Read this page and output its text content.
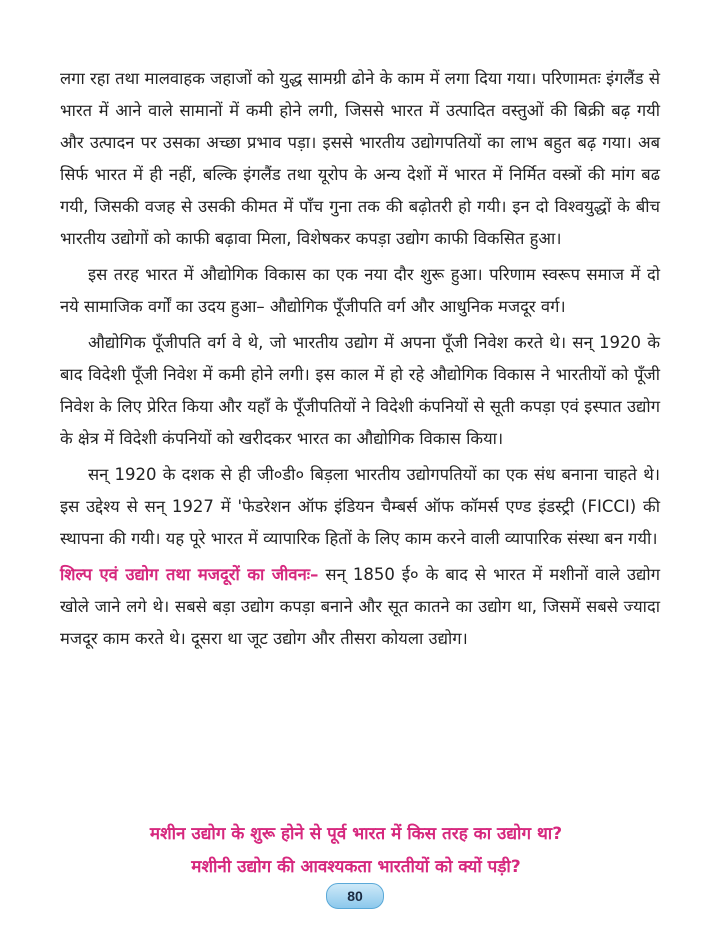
लगा रहा तथा मालवाहक जहाजों को युद्ध सामग्री ढोने के काम में लगा दिया गया। परिणामतः इंगलैंड से भारत में आने वाले सामानों में कमी होने लगी, जिससे भारत में उत्पादित वस्तुओं की बिक्री बढ़ गयी और उत्पादन पर उसका अच्छा प्रभाव पड़ा। इससे भारतीय उद्योगपतियों का लाभ बहुत बढ़ गया। अब सिर्फ भारत में ही नहीं, बल्कि इंगलैंड तथा यूरोप के अन्य देशों में भारत में निर्मित वस्त्रों की मांग बढ गयी, जिसकी वजह से उसकी कीमत में पाँच गुना तक की बढ़ोतरी हो गयी। इन दो विश्वयुद्धों के बीच भारतीय उद्योगों को काफी बढ़ावा मिला, विशेषकर कपड़ा उद्योग काफी विकसित हुआ।

इस तरह भारत में औद्योगिक विकास का एक नया दौर शुरू हुआ। परिणाम स्वरूप समाज में दो नये सामाजिक वर्गों का उदय हुआ– औद्योगिक पूँजीपति वर्ग और आधुनिक मजदूर वर्ग।

औद्योगिक पूँजीपति वर्ग वे थे, जो भारतीय उद्योग में अपना पूँजी निवेश करते थे। सन् 1920 के बाद विदेशी पूँजी निवेश में कमी होने लगी। इस काल में हो रहे औद्योगिक विकास ने भारतीयों को पूँजी निवेश के लिए प्रेरित किया और यहाँ के पूँजीपतियों ने विदेशी कंपनियों से सूती कपड़ा एवं इस्पात उद्योग के क्षेत्र में विदेशी कंपनियों को खरीदकर भारत का औद्योगिक विकास किया।

सन् 1920 के दशक से ही जी०डी० बिड़ला भारतीय उद्योगपतियों का एक संध बनाना चाहते थे। इस उद्देश्य से सन् 1927 में 'फेडरेशन ऑफ इंडियन चैम्बर्स ऑफ कॉमर्स एण्ड इंडस्ट्री (FICCI) की स्थापना की गयी। यह पूरे भारत में व्यापारिक हितों के लिए काम करने वाली व्यापारिक संस्था बन गयी।

शिल्प एवं उद्योग तथा मजदूरों का जीवनः– सन् 1850 ई० के बाद से भारत में मशीनों वाले उद्योग खोले जाने लगे थे। सबसे बड़ा उद्योग कपड़ा बनाने और सूत कातने का उद्योग था, जिसमें सबसे ज्यादा मजदूर काम करते थे। दूसरा था जूट उद्योग और तीसरा कोयला उद्योग।

मशीन उद्योग के शुरू होने से पूर्व भारत में किस तरह का उद्योग था?
मशीनी उद्योग की आवश्यकता भारतीयों को क्यों पड़ी?
80
